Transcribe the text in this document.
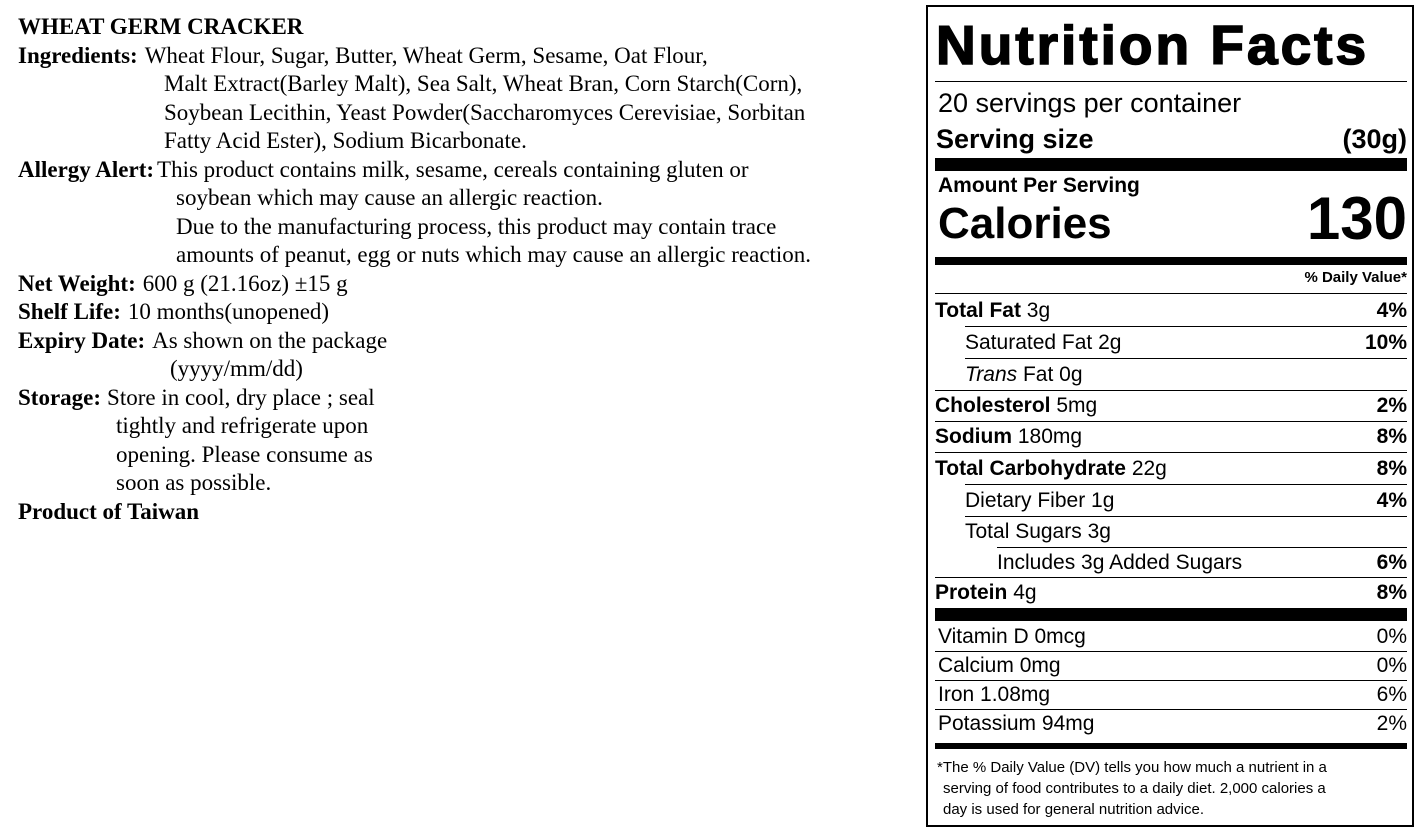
WHEAT GERM CRACKER
Ingredients: Wheat Flour, Sugar, Butter, Wheat Germ, Sesame, Oat Flour,
Malt Extract(Barley Malt), Sea Salt, Wheat Bran, Corn Starch(Corn),
Soybean Lecithin, Yeast Powder(Saccharomyces Cerevisiae, Sorbitan
Fatty Acid Ester), Sodium Bicarbonate.
Allergy Alert: This product contains milk, sesame, cereals containing gluten or
soybean which may cause an allergic reaction.
Due to the manufacturing process, this product may contain trace
amounts of peanut, egg or nuts which may cause an allergic reaction.
Net Weight: 600 g (21.16oz) ±15 g
Shelf Life: 10 months(unopened)
Expiry Date: As shown on the package
(yyyy/mm/dd)
Storage: Store in cool, dry place ; seal
tightly and refrigerate upon
opening. Please consume as
soon as possible.
Product of Taiwan
Nutrition Facts
20 servings per container
Serving size	(30g)
Amount Per Serving
Calories	130
% Daily Value*
Total Fat 3g	4%
Saturated Fat 2g	10%
Trans Fat 0g
Cholesterol 5mg	2%
Sodium 180mg	8%
Total Carbohydrate 22g	8%
Dietary Fiber 1g	4%
Total Sugars 3g
Includes 3g Added Sugars	6%
Protein 4g	8%
Vitamin D 0mcg	0%
Calcium 0mg	0%
Iron 1.08mg	6%
Potassium 94mg	2%
*The % Daily Value (DV) tells you how much a nutrient in a
serving of food contributes to a daily diet. 2,000 calories a
day is used for general nutrition advice.
